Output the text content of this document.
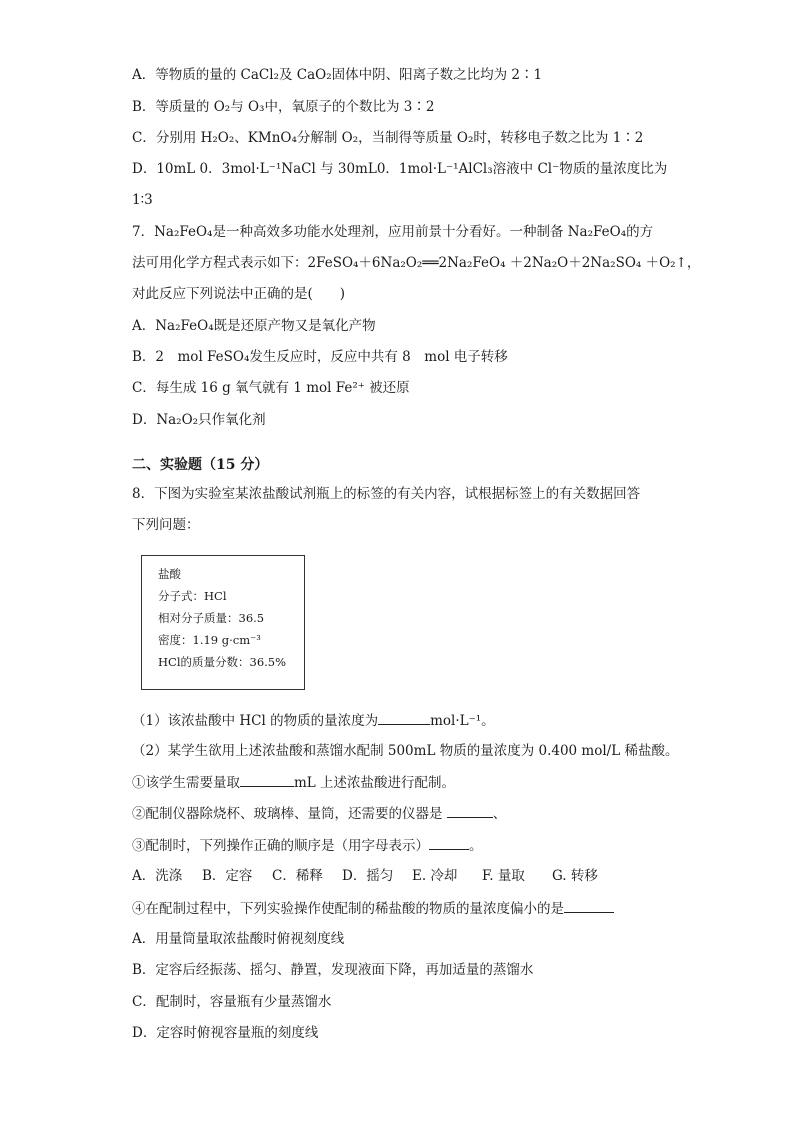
A．等物质的量的 CaCl₂及 CaO₂固体中阴、阳离子数之比均为 2∶1
B．等质量的 O₂与 O₃中，氧原子的个数比为 3∶2
C．分别用 H₂O₂、KMnO₄分解制 O₂，当制得等质量 O₂时，转移电子数之比为 1∶2
D．10mL 0．3mol·L⁻¹NaCl 与 30mL0．1mol·L⁻¹AlCl₃溶液中 Cl⁻物质的量浓度比为
1∶3
7．Na₂FeO₄是一种高效多功能水处理剂，应用前景十分看好。一种制备 Na₂FeO₄的方
法可用化学方程式表示如下：2FeSO₄＋6Na₂O₂══2Na₂FeO₄ ＋2Na₂O＋2Na₂SO₄ ＋O₂↑，
对此反应下列说法中正确的是(　　)
A．Na₂FeO₄既是还原产物又是氧化产物
B．2　mol FeSO₄发生反应时，反应中共有 8　mol 电子转移
C．每生成 16 g 氧气就有 1 mol Fe²⁺ 被还原
D．Na₂O₂只作氧化剂
二、实验题（15 分）
8．下图为实验室某浓盐酸试剂瓶上的标签的有关内容，试根据标签上的有关数据回答
下列问题：
盐酸
分子式：HCl
相对分子质量：36.5
密度：1.19 g·cm⁻³
HCl的质量分数：36.5%
（1）该浓盐酸中 HCl 的物质的量浓度为	mol·L⁻¹。
（2）某学生欲用上述浓盐酸和蒸馏水配制 500mL 物质的量浓度为 0.400 mol/L 稀盐酸。
①该学生需要量取	mL 上述浓盐酸进行配制。
②配制仪器除烧杯、玻璃棒、量筒，还需要的仪器是	、
③配制时，下列操作正确的顺序是（用字母表示）	。
A．洗涤 B．定容 C．稀释 D．摇匀 E. 冷却 F. 量取 G. 转移
④在配制过程中，下列实验操作使配制的稀盐酸的物质的量浓度偏小的是
A．用量筒量取浓盐酸时俯视刻度线
B．定容后经振荡、摇匀、静置，发现液面下降，再加适量的蒸馏水
C．配制时，容量瓶有少量蒸馏水
D．定容时俯视容量瓶的刻度线
